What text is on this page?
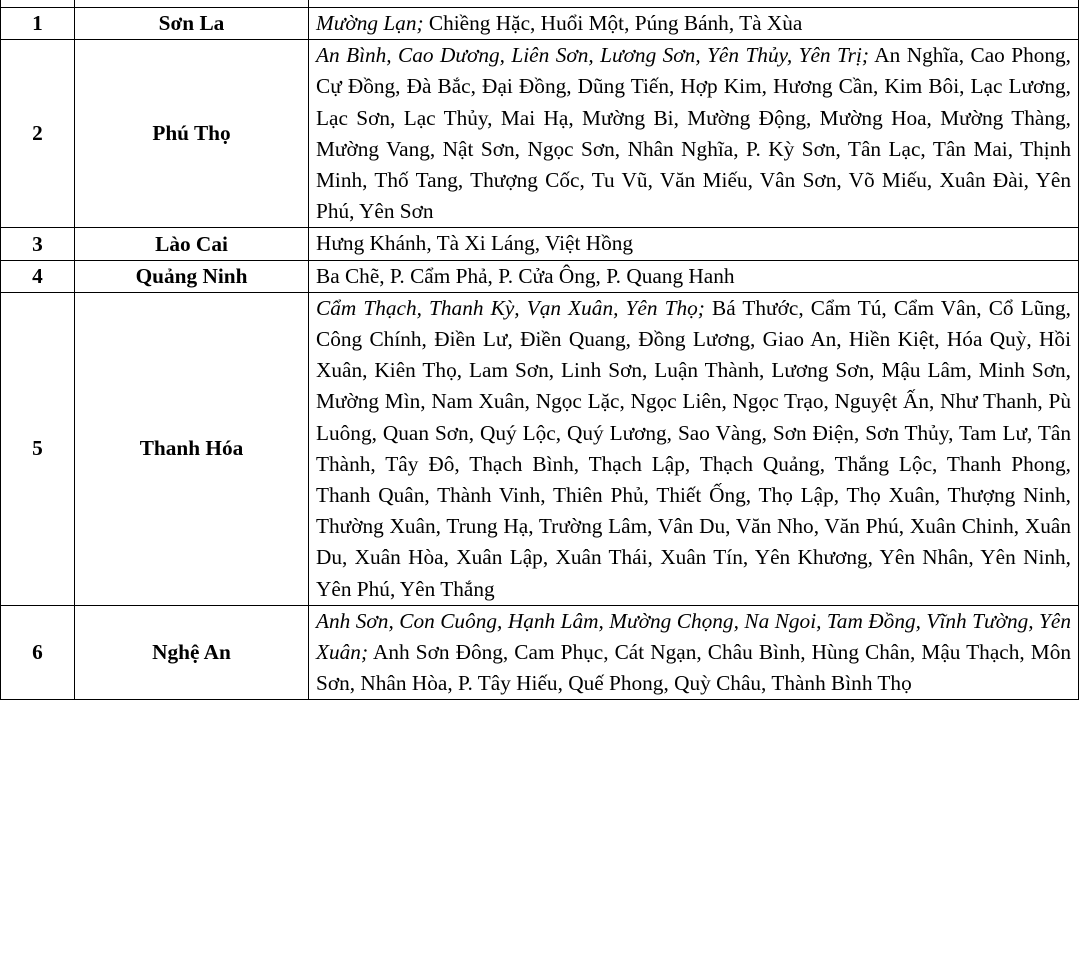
1	Sơn La	Mường Lạn; Chiềng Hặc, Huổi Một, Púng Bánh, Tà Xùa
2	Phú Thọ	An Bình, Cao Dương, Liên Sơn, Lương Sơn, Yên Thủy, Yên Trị; An Nghĩa, Cao Phong, Cự Đồng, Đà Bắc, Đại Đồng, Dũng Tiến, Hợp Kim, Hương Cần, Kim Bôi, Lạc Lương, Lạc Sơn, Lạc Thủy, Mai Hạ, Mường Bi, Mường Động, Mường Hoa, Mường Thàng, Mường Vang, Nật Sơn, Ngọc Sơn, Nhân Nghĩa, P. Kỳ Sơn, Tân Lạc, Tân Mai, Thịnh Minh, Thố Tang, Thượng Cốc, Tu Vũ, Văn Miếu, Vân Sơn, Võ Miếu, Xuân Đài, Yên Phú, Yên Sơn
3	Lào Cai	Hưng Khánh, Tà Xi Láng, Việt Hồng
4	Quảng Ninh	Ba Chẽ, P. Cẩm Phả, P. Cửa Ông, P. Quang Hanh
5	Thanh Hóa	Cẩm Thạch, Thanh Kỳ, Vạn Xuân, Yên Thọ; Bá Thước, Cẩm Tú, Cẩm Vân, Cổ Lũng, Công Chính, Điền Lư, Điền Quang, Đồng Lương, Giao An, Hiền Kiệt, Hóa Quỳ, Hồi Xuân, Kiên Thọ, Lam Sơn, Linh Sơn, Luận Thành, Lương Sơn, Mậu Lâm, Minh Sơn, Mường Mìn, Nam Xuân, Ngọc Lặc, Ngọc Liên, Ngọc Trạo, Nguyệt Ấn, Như Thanh, Pù Luông, Quan Sơn, Quý Lộc, Quý Lương, Sao Vàng, Sơn Điện, Sơn Thủy, Tam Lư, Tân Thành, Tây Đô, Thạch Bình, Thạch Lập, Thạch Quảng, Thắng Lộc, Thanh Phong, Thanh Quân, Thành Vinh, Thiên Phủ, Thiết Ống, Thọ Lập, Thọ Xuân, Thượng Ninh, Thường Xuân, Trung Hạ, Trường Lâm, Vân Du, Văn Nho, Văn Phú, Xuân Chinh, Xuân Du, Xuân Hòa, Xuân Lập, Xuân Thái, Xuân Tín, Yên Khương, Yên Nhân, Yên Ninh, Yên Phú, Yên Thắng
6	Nghệ An	Anh Sơn, Con Cuông, Hạnh Lâm, Mường Chọng, Na Ngoi, Tam Đồng, Vĩnh Tường, Yên Xuân; Anh Sơn Đông, Cam Phục, Cát Ngạn, Châu Bình, Hùng Chân, Mậu Thạch, Môn Sơn, Nhân Hòa, P. Tây Hiếu, Quế Phong, Quỳ Châu, Thành Bình Thọ
